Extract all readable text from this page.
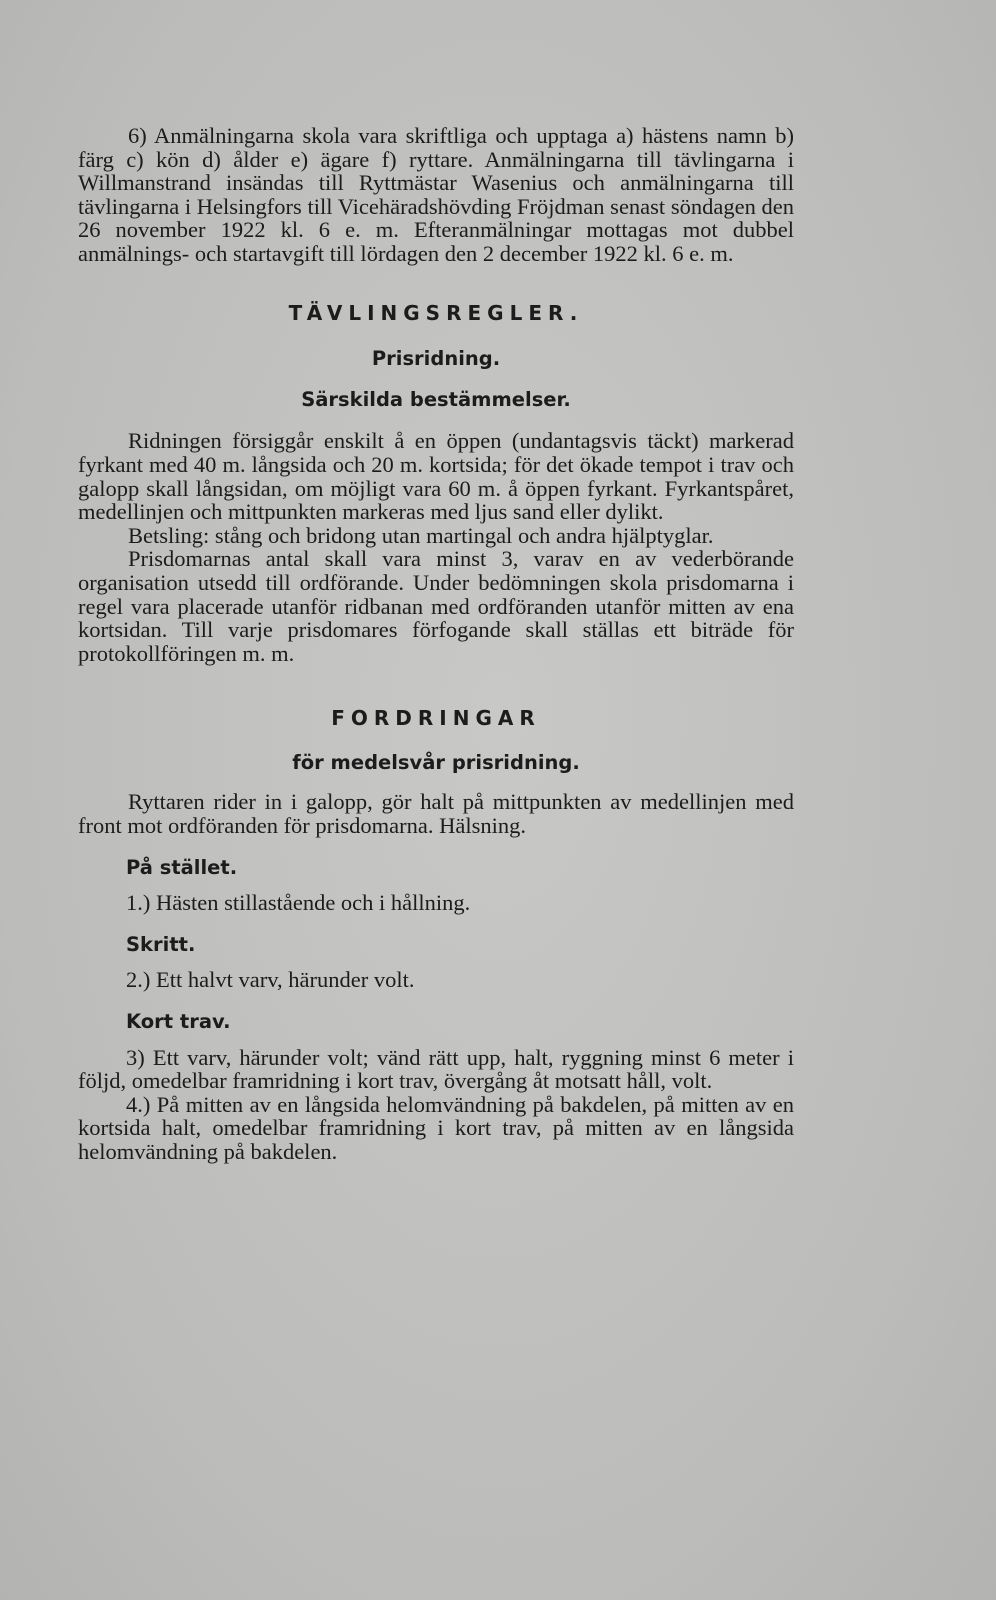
6) Anmälningarna skola vara skriftliga och upptaga a) hästens namn b) färg c) kön d) ålder e) ägare f) ryttare. Anmälningarna till tävlingarna i Willmanstrand insändas till Ryttmästar Wasenius och anmälningarna till tävlingarna i Helsingfors till Vicehäradshövding Fröjdman senast söndagen den 26 november 1922 kl. 6 e. m. Efteranmälningar mottagas mot dubbel anmälnings- och startavgift till lördagen den 2 december 1922 kl. 6 e. m.

TÄVLINGSREGLER.
Prisridning.
Särskilda bestämmelser.

Ridningen försiggår enskilt å en öppen (undantagsvis täckt) markerad fyrkant med 40 m. långsida och 20 m. kortsida; för det ökade tempot i trav och galopp skall långsidan, om möjligt vara 60 m. å öppen fyrkant. Fyrkantspåret, medellinjen och mittpunkten markeras med ljus sand eller dylikt.

Betsling: stång och bridong utan martingal och andra hjälptyglar.

Prisdomarnas antal skall vara minst 3, varav en av vederbörande organisation utsedd till ordförande. Under bedömningen skola prisdomarna i regel vara placerade utanför ridbanan med ordföranden utanför mitten av ena kortsidan. Till varje prisdomares förfogande skall ställas ett biträde för protokollföringen m. m.

FORDRINGAR
för medelsvår prisridning.

Ryttaren rider in i galopp, gör halt på mittpunkten av medellinjen med front mot ordföranden för prisdomarna. Hälsning.

På stället.

1.) Hästen stillastående och i hållning.

Skritt.

2.) Ett halvt varv, härunder volt.

Kort trav.

3) Ett varv, härunder volt; vänd rätt upp, halt, ryggning minst 6 meter i följd, omedelbar framridning i kort trav, övergång åt motsatt håll, volt.

4.) På mitten av en långsida helomvändning på bakdelen, på mitten av en kortsida halt, omedelbar framridning i kort trav, på mitten av en långsida helomvändning på bakdelen.
